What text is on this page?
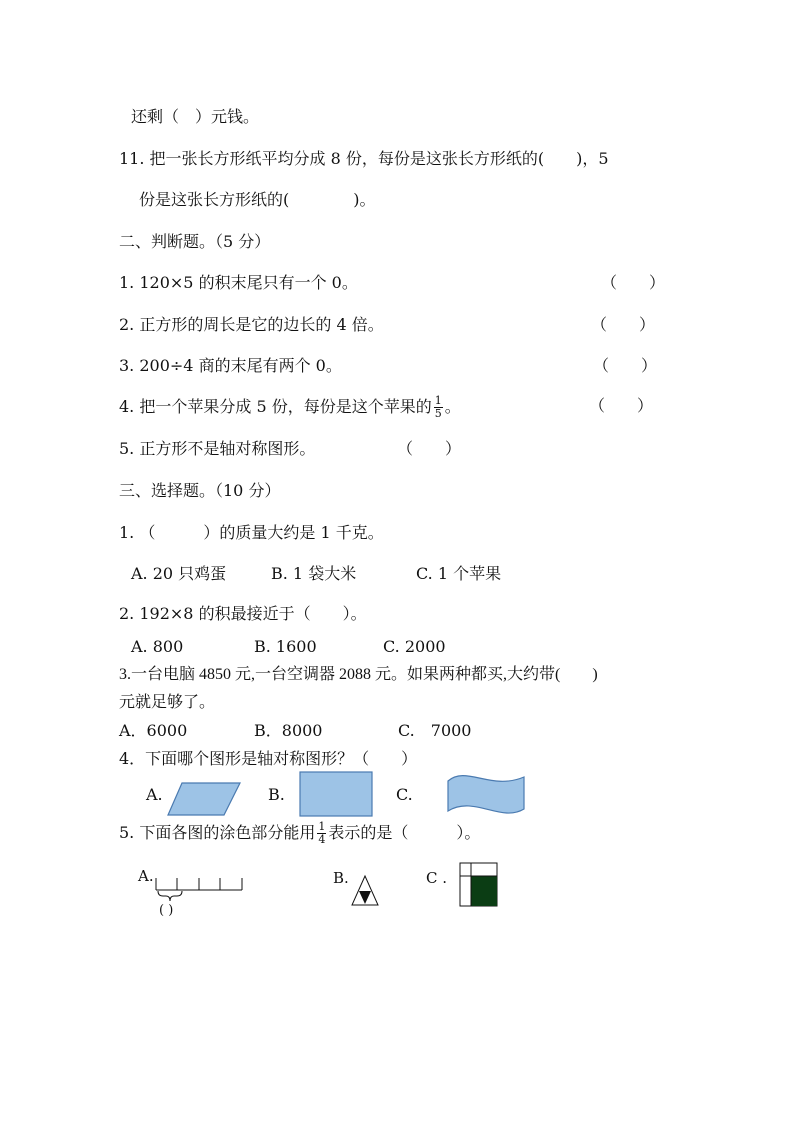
还剩（　）元钱。
11. 把一张长方形纸平均分成 8 份，每份是这张长方形纸的(　　)，5
份是这张长方形纸的(　　　　)。
二、判断题。（5 分）
1. 120×5 的积末尾只有一个 0。	（　　）
2. 正方形的周长是它的边长的 4 倍。	（　　）
3. 200÷4 商的末尾有两个 0。	（　　）
4. 把一个苹果分成 5 份，每份是这个苹果的 $\frac{1}{5}$ 。	（　　）
5. 正方形不是轴对称图形。	（　　）
三、选择题。（10 分）
1. （　　　）的质量大约是 1 千克。
A. 20 只鸡蛋	B. 1 袋大米	C. 1 个苹果
2. 192×8 的积最接近于（　　）。
A. 800	B. 1600	C. 2000
3.一台电脑 4850 元,一台空调器 2088 元。如果两种都买,大约带(　　)
元就足够了。
A．6000	B．8000	C.　7000
4．下面哪个图形是轴对称图形？（　　）
A.	B.	C.
5. 下面各图的涂色部分能用 $\frac{1}{4}$ 表示的是（　　　）。
A.
( )
B.	C .
